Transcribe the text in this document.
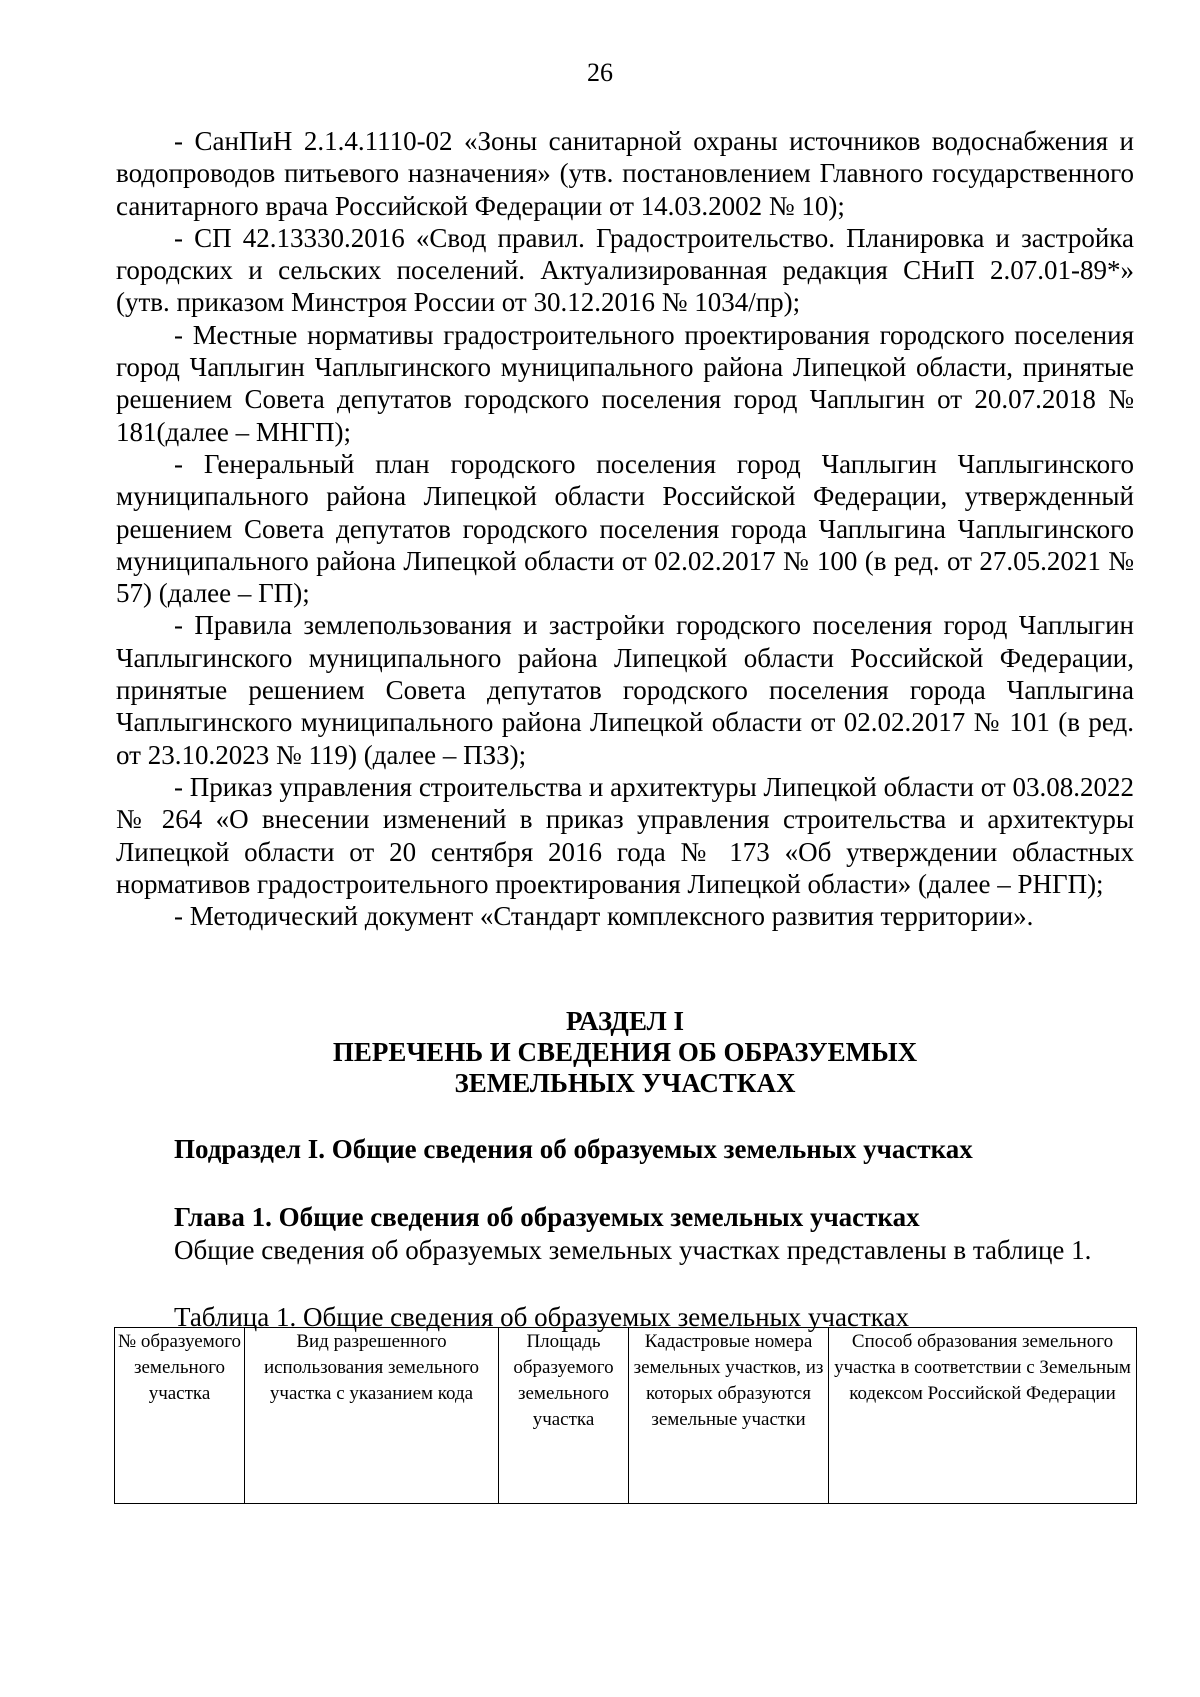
26

- СанПиН 2.1.4.1110-02 «Зоны санитарной охраны источников водоснабжения и водопроводов питьевого назначения» (утв. постановлением Главного государственного санитарного врача Российской Федерации от 14.03.2002 № 10);

- СП 42.13330.2016 «Свод правил. Градостроительство. Планировка и застройка городских и сельских поселений. Актуализированная редакция СНиП 2.07.01-89*» (утв. приказом Минстроя России от 30.12.2016 № 1034/пр);

- Местные нормативы градостроительного проектирования городского поселения город Чаплыгин Чаплыгинского муниципального района Липецкой области, принятые решением Совета депутатов городского поселения город Чаплыгин от 20.07.2018 № 181(далее – МНГП);

- Генеральный план городского поселения город Чаплыгин Чаплыгинского муниципального района Липецкой области Российской Федерации, утвержденный решением Совета депутатов городского поселения города Чаплыгина Чаплыгинского муниципального района Липецкой области от 02.02.2017 № 100 (в ред. от 27.05.2021 № 57) (далее – ГП);

- Правила землепользования и застройки городского поселения город Чаплыгин Чаплыгинского муниципального района Липецкой области Российской Федерации, принятые решением Совета депутатов городского поселения города Чаплыгина Чаплыгинского муниципального района Липецкой области от 02.02.2017 № 101 (в ред. от 23.10.2023 № 119) (далее – ПЗЗ);

- Приказ управления строительства и архитектуры Липецкой области от 03.08.2022 № 264 «О внесении изменений в приказ управления строительства и архитектуры Липецкой области от 20 сентября 2016 года № 173 «Об утверждении областных нормативов градостроительного проектирования Липецкой области» (далее – РНГП);

- Методический документ «Стандарт комплексного развития территории».

РАЗДЕЛ I
ПЕРЕЧЕНЬ И СВЕДЕНИЯ ОБ ОБРАЗУЕМЫХ
ЗЕМЕЛЬНЫХ УЧАСТКАХ
Подраздел I. Общие сведения об образуемых земельных участках
Глава 1. Общие сведения об образуемых земельных участках

Общие сведения об образуемых земельных участках представлены в таблице 1.

Таблица 1. Общие сведения об образуемых земельных участках
№ образуемого земельного участка	Вид разрешенного использования земельного участка с указанием кода	Площадь образуемого земельного участка	Кадастровые номера земельных участков, из которых образуются земельные участки	Способ образования земельного участка в соответствии с Земельным кодексом Российской Федерации
